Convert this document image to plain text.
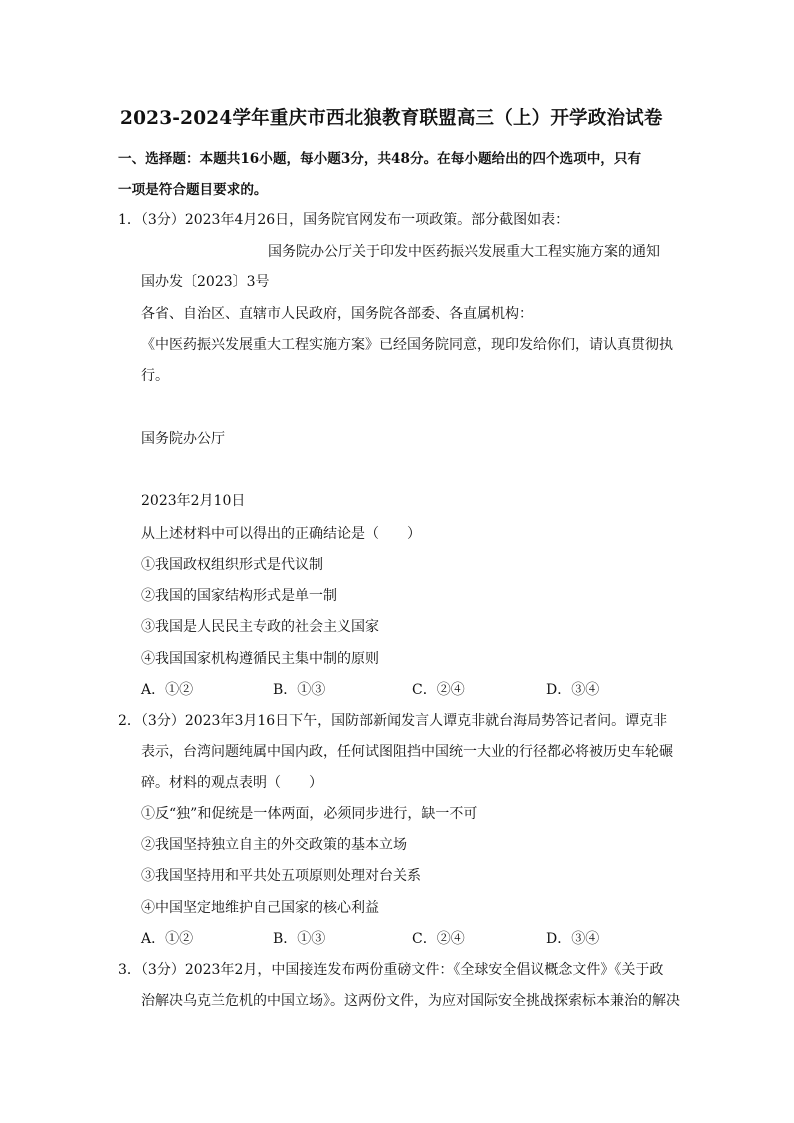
2023-2024学年重庆市西北狼教育联盟高三（上）开学政治试卷
一、选择题：本题共16小题，每小题3分，共48分。在每小题给出的四个选项中，只有
一项是符合题目要求的。
1．（3分）2023年4月26日，国务院官网发布一项政策。部分截图如表：
国务院办公厅关于印发中医药振兴发展重大工程实施方案的通知
国办发〔2023〕3号
各省、自治区、直辖市人民政府，国务院各部委、各直属机构：
《中医药振兴发展重大工程实施方案》已经国务院同意，现印发给你们，请认真贯彻执
行。
国务院办公厅
2023年2月10日
从上述材料中可以得出的正确结论是（　　）
①我国政权组织形式是代议制
②我国的国家结构形式是单一制
③我国是人民民主专政的社会主义国家
④我国国家机构遵循民主集中制的原则
A．①②	B．①③	C．②④	D．③④
2．（3分）2023年3月16日下午，国防部新闻发言人谭克非就台海局势答记者问。谭克非
表示，台湾问题纯属中国内政，任何试图阻挡中国统一大业的行径都必将被历史车轮碾
碎。材料的观点表明（　　）
①反“独”和促统是一体两面，必须同步进行，缺一不可
②我国坚持独立自主的外交政策的基本立场
③我国坚持用和平共处五项原则处理对台关系
④中国坚定地维护自己国家的核心利益
A．①②	B．①③	C．②④	D．③④
3．（3分）2023年2月，中国接连发布两份重磅文件：《全球安全倡议概念文件》《关于政
治解决乌克兰危机的中国立场》。这两份文件，为应对国际安全挑战探索标本兼治的解决
